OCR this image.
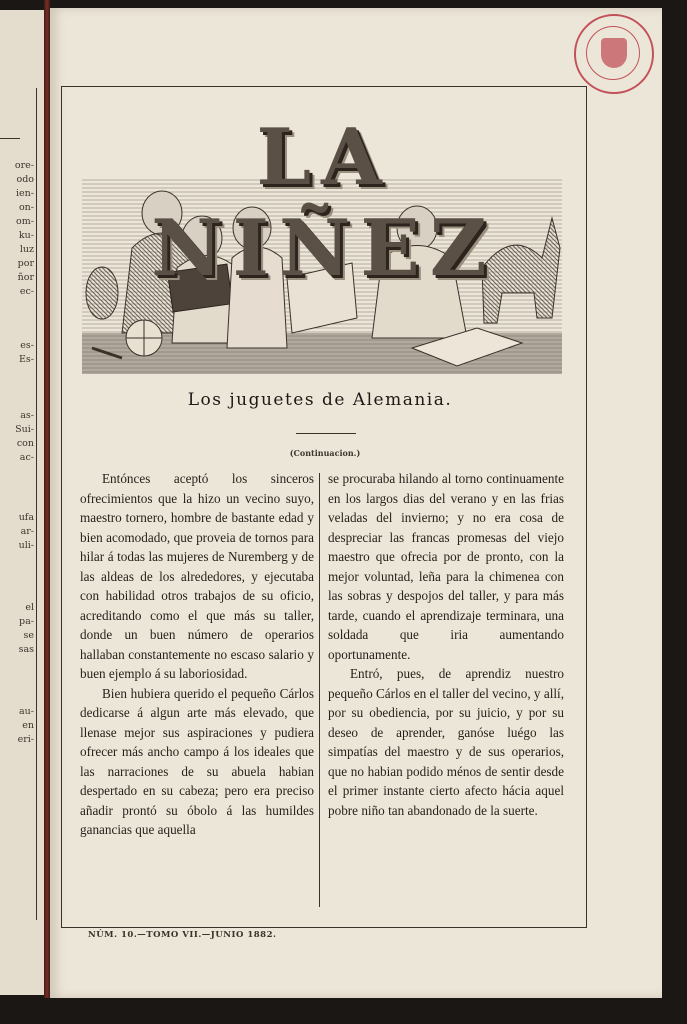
ore-
odo
ien-
on-
om-
ku-
luz
por
ñor
ec-
es-
Es-
as-
Sui-
con
ac-
ufa
ar-
uli-
el
pa-
se
sas
au-
en
eri-
LA NIÑEZ
Los juguetes de Alemania.
(Continuacion.)

Entónces aceptó los sinceros ofrecimientos que la hizo un vecino suyo, maestro tornero, hombre de bastante edad y bien acomodado, que proveia de tornos para hilar á todas las mujeres de Nuremberg y de las aldeas de los alrededores, y ejecutaba con habilidad otros trabajos de su oficio, acreditando como el que más su taller, donde un buen número de operarios hallaban constantemente no escaso salario y buen ejemplo á su laboriosidad.

Bien hubiera querido el pequeño Cárlos dedicarse á algun arte más elevado, que llenase mejor sus aspiraciones y pudiera ofrecer más ancho campo á los ideales que las narraciones de su abuela habian despertado en su cabeza; pero era preciso añadir prontó su óbolo á las humildes ganancias que aquella

se procuraba hilando al torno continuamente en los largos dias del verano y en las frias veladas del invierno; y no era cosa de despreciar las francas promesas del viejo maestro que ofrecia por de pronto, con la mejor voluntad, leña para la chimenea con las sobras y despojos del taller, y para más tarde, cuando el aprendizaje terminara, una soldada que iria aumentando oportunamente.

Entró, pues, de aprendiz nuestro pequeño Cárlos en el taller del vecino, y allí, por su obediencia, por su juicio, y por su deseo de aprender, ganóse luégo las simpatías del maestro y de sus operarios, que no habian podido ménos de sentir desde el primer instante cierto afecto hácia aquel pobre niño tan abandonado de la suerte.

NÚM. 10.—TOMO VII.—JUNIO 1882.
